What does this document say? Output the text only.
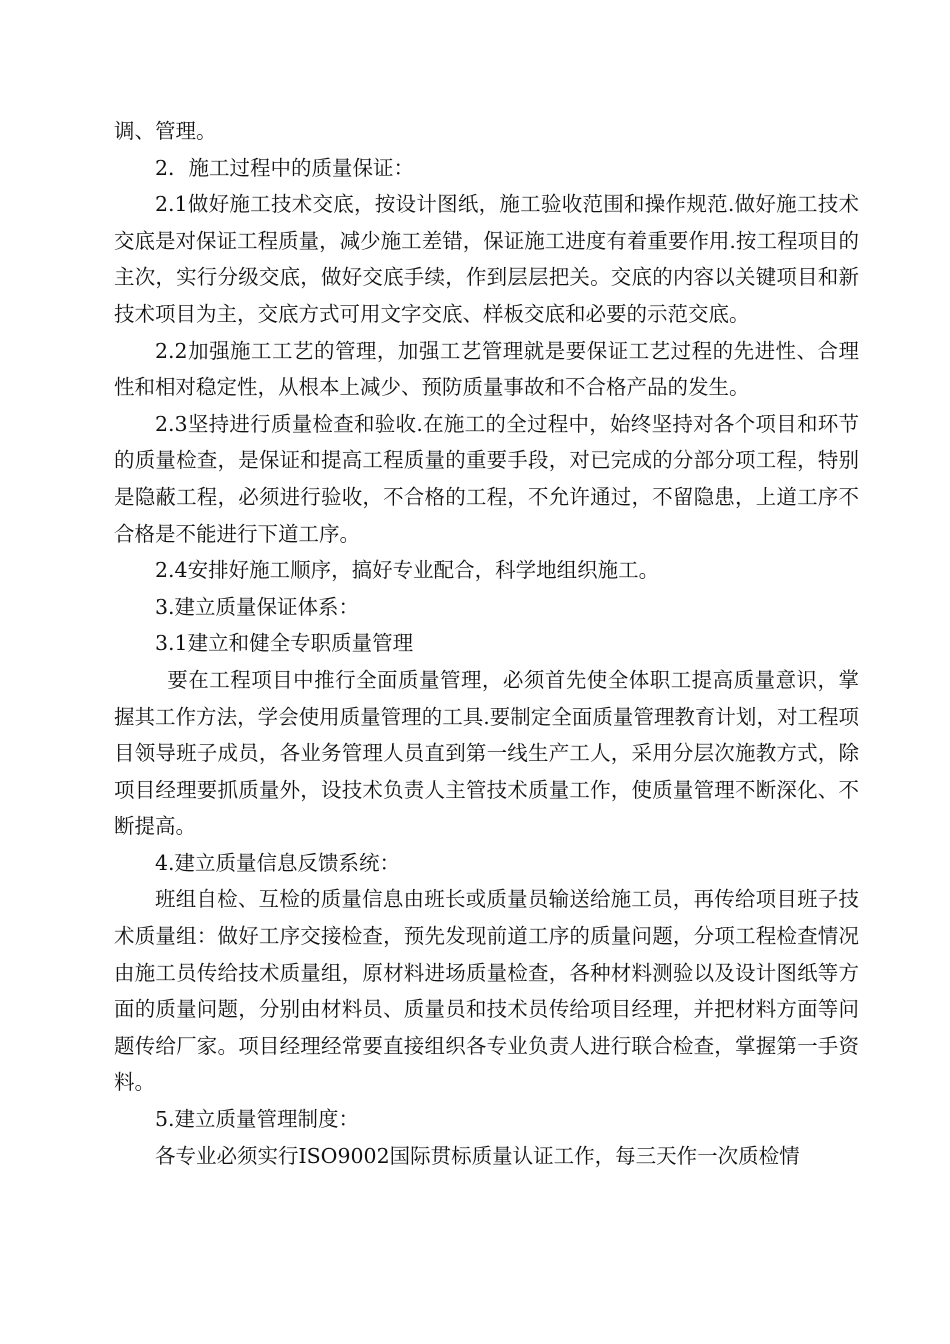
调、管理。

2．施工过程中的质量保证：

2.1做好施工技术交底，按设计图纸，施工验收范围和操作规范.做好施工技术交底是对保证工程质量，减少施工差错，保证施工进度有着重要作用.按工程项目的主次，实行分级交底，做好交底手续，作到层层把关。交底的内容以关键项目和新技术项目为主，交底方式可用文字交底、样板交底和必要的示范交底。

2.2加强施工工艺的管理，加强工艺管理就是要保证工艺过程的先进性、合理性和相对稳定性，从根本上减少、预防质量事故和不合格产品的发生。

2.3坚持进行质量检查和验收.在施工的全过程中，始终坚持对各个项目和环节的质量检查，是保证和提高工程质量的重要手段，对已完成的分部分项工程，特别是隐蔽工程，必须进行验收，不合格的工程，不允许通过，不留隐患，上道工序不合格是不能进行下道工序。

2.4安排好施工顺序，搞好专业配合，科学地组织施工。

3.建立质量保证体系：

3.1建立和健全专职质量管理

要在工程项目中推行全面质量管理，必须首先使全体职工提高质量意识，掌握其工作方法，学会使用质量管理的工具.要制定全面质量管理教育计划，对工程项目领导班子成员，各业务管理人员直到第一线生产工人，采用分层次施教方式，除项目经理要抓质量外，设技术负责人主管技术质量工作，使质量管理不断深化、不断提高。

4.建立质量信息反馈系统：

班组自检、互检的质量信息由班长或质量员输送给施工员，再传给项目班子技术质量组：做好工序交接检查，预先发现前道工序的质量问题，分项工程检查情况由施工员传给技术质量组，原材料进场质量检查，各种材料测验以及设计图纸等方面的质量问题，分别由材料员、质量员和技术员传给项目经理，并把材料方面等问题传给厂家。项目经理经常要直接组织各专业负责人进行联合检查，掌握第一手资料。

5.建立质量管理制度：

各专业必须实行ISO9002国际贯标质量认证工作，每三天作一次质检情
